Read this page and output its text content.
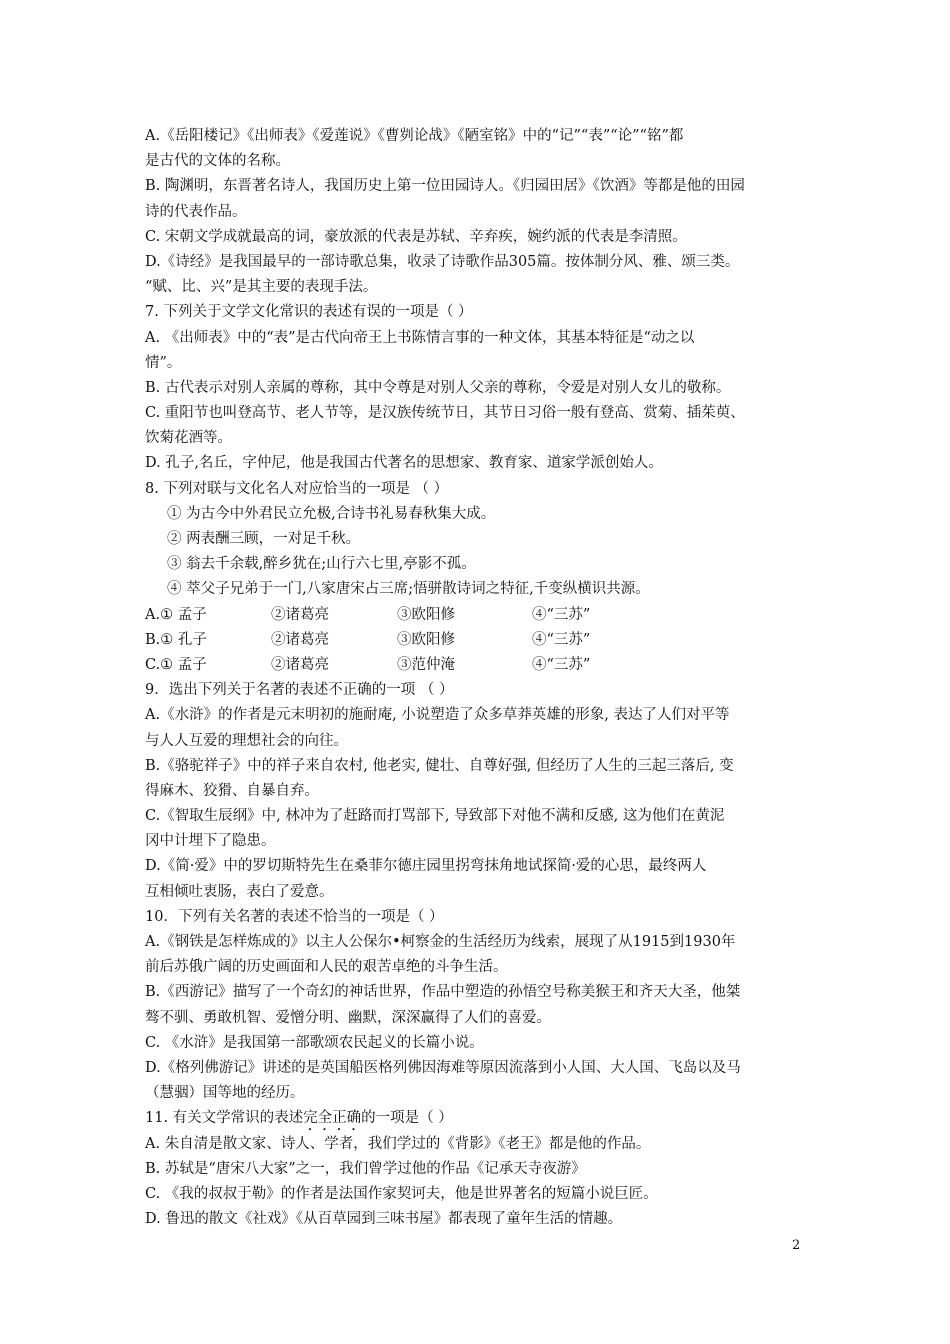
A.《岳阳楼记》《出师表》《爱莲说》《曹刿论战》《陋室铭》中的“记”“表”“论”“铭”都
是古代的文体的名称。
B. 陶渊明，东晋著名诗人，我国历史上第一位田园诗人。《归园田居》《饮酒》等都是他的田园
诗的代表作品。
C. 宋朝文学成就最高的词，豪放派的代表是苏轼、辛弃疾，婉约派的代表是李清照。
D.《诗经》是我国最早的一部诗歌总集，收录了诗歌作品305篇。按体制分风、雅、颂三类。
“赋、比、兴”是其主要的表现手法。
7. 下列关于文学文化常识的表述有误的一项是（ ）
A. 《出师表》中的“表”是古代向帝王上书陈情言事的一种文体，其基本特征是“动之以
情”。
B. 古代表示对别人亲属的尊称，其中令尊是对别人父亲的尊称，令爱是对别人女儿的敬称。
C. 重阳节也叫登高节、老人节等，是汉族传统节日，其节日习俗一般有登高、赏菊、插茱萸、
饮菊花酒等。
D. 孔子,名丘，字仲尼，他是我国古代著名的思想家、教育家、道家学派创始人。
8. 下列对联与文化名人对应恰当的一项是 （ ）
① 为古今中外君民立允极,合诗书礼易春秋集大成。
② 两表酬三顾，一对足千秋。
③ 翁去千余载,醉乡犹在;山行六七里,亭影不孤。
④ 萃父子兄弟于一门,八家唐宋占三席;悟骈散诗词之特征,千变纵横识共源。
A.① 孟子	②诸葛亮	③欧阳修	④“三苏”
B.① 孔子	②诸葛亮	③欧阳修	④“三苏”
C.① 孟子	②诸葛亮	③范仲淹	④“三苏”
9．选出下列关于名著的表述不正确的一项 （ ）
A.《水浒》的作者是元末明初的施耐庵, 小说塑造了众多草莽英雄的形象, 表达了人们对平等
与人人互爱的理想社会的向往。
B.《骆驼祥子》中的祥子来自农村, 他老实, 健壮、自尊好强, 但经历了人生的三起三落后, 变
得麻木、狡猾、自暴自弃。
C.《智取生辰纲》中, 林冲为了赶路而打骂部下, 导致部下对他不满和反感, 这为他们在黄泥
冈中计埋下了隐患。
D.《简·爱》中的罗切斯特先生在桑菲尔德庄园里拐弯抹角地试探简·爱的心思，最终两人
互相倾吐衷肠，表白了爱意。
10．下列有关名著的表述不恰当的一项是（ ）
A.《钢铁是怎样炼成的》以主人公保尔•柯察金的生活经历为线索，展现了从1915到1930年
前后苏俄广阔的历史画面和人民的艰苦卓绝的斗争生活。
B.《西游记》描写了一个奇幻的神话世界，作品中塑造的孙悟空号称美猴王和齐天大圣，他桀
骜不驯、勇敢机智、爱憎分明、幽默，深深赢得了人们的喜爱。
C. 《水浒》是我国第一部歌颂农民起义的长篇小说。
D.《格列佛游记》讲述的是英国船医格列佛因海难等原因流落到小人国、大人国、飞岛以及马
（慧骃）国等地的经历。
11. 有关文学常识的表述完全正确的一项是（ ）
A. 朱自清是散文家、诗人、学者，我们学过的《背影》《老王》都是他的作品。
B. 苏轼是“唐宋八大家”之一，我们曾学过他的作品《记承天寺夜游》
C. 《我的叔叔于勒》的作者是法国作家契诃夫，他是世界著名的短篇小说巨匠。
D. 鲁迅的散文《社戏》《从百草园到三味书屋》都表现了童年生活的情趣。
2
